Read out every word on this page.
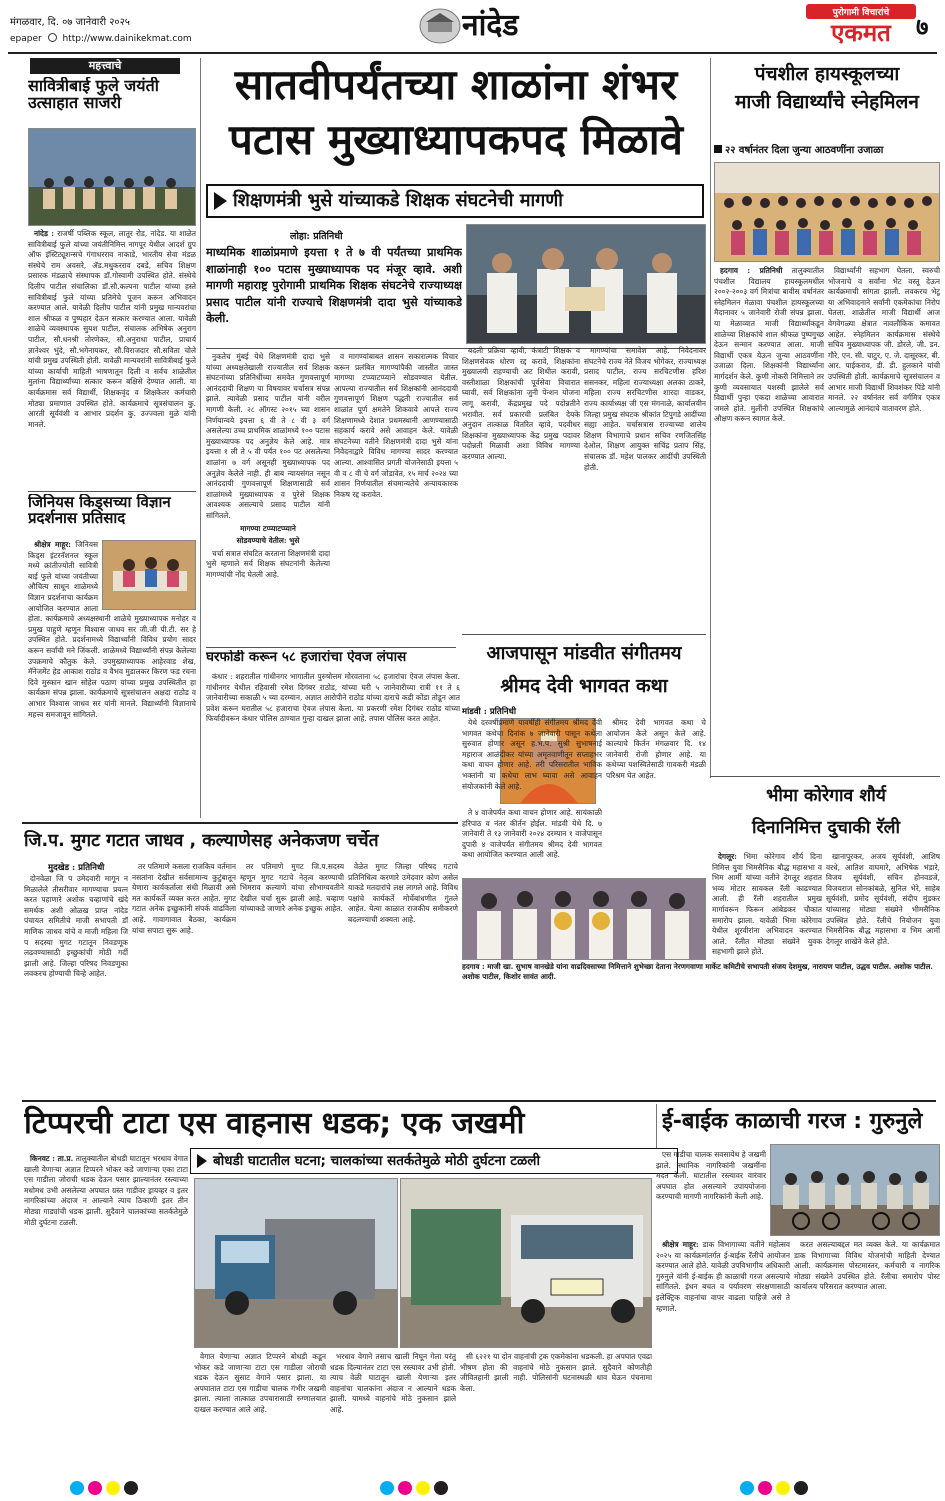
मंगळवार, दि. ०७ जानेवारी २०२५
epaper http://www.dainikekmat.com	नांदेड	पुरोगामी विचारांचे
एकमत	७
महत्त्वाचे
सावित्रीबाई फुले जयंती उत्साहात साजरी

नांदेड : राजर्षी पब्लिक स्कूल, लातूर रोड, नांदेड. या शाळेत सावित्रीबाई फुले यांच्या जयंतीनिमित्त नागपूर येथील आदर्श ग्रुप ऑफ इंस्टिट्यूशन्सचे गंगाधरराव नाकाडे, भारतीय सेवा मंडळ संस्थेचे राम अवसरे, ॲड.मधुकरराव दबडे, सचिव शिक्षण प्रसारक मंडळाचे संस्थापक डॉ.गोस्वामी उपस्थित होते. संस्थेचे दिलीप पाटील संचालिका डॉ.सौ.कल्पना पाटील यांच्या हस्ते सावित्रीबाई फुले यांच्या प्रतिमेचे पूजन करून अभिवादन करण्यात आले. यावेळी दिलीप पाटील यांनी प्रमुख मान्यवरांचा शाल श्रीफळ व पुष्पहार देऊन सत्कार करण्यात आला. यावेळी शाळेचे व्यवस्थापक सुयश पाटील, संचालक अभिषेक अनुराग पाटील, सौ.धनश्री तोरणेकर, सौ.अनुराधा पाटील, प्राचार्य ज्ञानेश्वर भुंदे, सौ.भगेनायकर, सौ.विराजदार सौ.सविता चोले यांची प्रमुख उपस्थिती होती. यावेळी मान्यवरांनी सावित्रीबाई फुले यांच्या कार्याची माहिती भाषणातून दिली व सर्वच शाळेतील मुलांना विद्यार्थ्यांच्या सत्कार करून बक्षिसे देण्यात आली. या कार्यक्रमास सर्व विद्यार्थी, शिक्षकवृंद व शिक्षकेतर कर्मचारी मोठ्या प्रमाणात उपस्थित होते. कार्यक्रमाचे सूत्रसंचालन कु. आरती सूर्यवंशी व आभार प्रदर्शन कु. उज्ज्वला मुळे यांनी मानले.

जिनियस किड्सच्या विज्ञान प्रदर्शनास प्रतिसाद

श्रीक्षेत्र माहूर: जिनियस किड्स इंटरनॅशनल स्कूल मध्ये क्रांतीज्योती सावित्री बाई फुले यांच्या जयंतीच्या औचित्य साधून शाळेमध्ये विज्ञान प्रदर्शनाचा कार्यक्रम आयोजित करण्यात आला होता. कार्यक्रमाचे अध्यक्षस्थानी शाळेचे मुख्याध्यापक मनोहर व प्रमुख पाहुणे म्हणून विश्वास जाधव सर जी.जी पी.टी. सर हे उपस्थित होते. प्रदर्शनामध्ये विद्यार्थ्यांनी विविध प्रयोग सादर करून सर्वांची मने जिंकली. शाळेमध्ये विद्यार्थ्यांनी संपन्न केलेल्या उपक्रमाचे कौतुक केले. उपमुख्याध्यापक आहेरवाड शेख, मॅनेजमेंट हेड आकाश राठोड व वैभव मुडालकर किरण फड रचना दिवे मुस्कान खान सोहेल पठाण यांच्या प्रमुख उपस्थितीत हा कार्यक्रम संपन्न झाला. कार्यक्रमाचे सूत्रसंचालन अक्षदा राठोड व आभार विश्वास जाधव सर यांनी मानले. विद्यार्थ्यांनी विज्ञानाचे महत्त्व समजावून सांगितले.

सातवीपर्यंतच्या शाळांना शंभर
पटास मुख्याध्यापकपद मिळावे
शिक्षणमंत्री भुसे यांच्याकडे शिक्षक संघटनेची मागणी
लोहा: प्रतिनिधी
माध्यमिक शाळांप्रमाणे इयत्ता १ ते ७ वी पर्यंतच्या प्राथमिक शाळांनाही १०० पटास मुख्याध्यापक पद मंजूर व्हावे. अशी मागणी महाराष्ट्र पुरोगामी प्राथमिक शिक्षक संघटनेचे राज्याध्यक्ष प्रसाद पाटील यांनी राज्याचे शिक्षणमंत्री दादा भुसे यांच्याकडे केली.

नुकतेच मुंबई येथे शिक्षणमंत्री दादा भुसे यांच्या अध्यक्षतेखाली राज्यातील सर्व शिक्षक संघटनांच्या प्रतिनिधींच्या समवेत गुणवत्तापूर्ण आनंददायी शिक्षण या विषयावर चर्चासत्र संपन्न झाले. त्यावेळी प्रसाद पाटील यांनी वरील मागणी केली. २८ ऑगस्ट २०१५ च्या शासन निर्णयान्वये इयत्ता ६ वी ते ८ वी ३ वर्ग असलेल्या उच्च प्राथमिक शाळांमध्ये १०० पटास मुख्याध्यापक पद अनुज्ञेय केले आहे. मात्र इयत्ता १ ली ते ५ वी पर्यंत १०० पट असलेल्या शाळांना ७ वर्ग असूनही मुख्याध्यापक पद अनुज्ञेय केलेले नाही. ही बाब न्यायसंगत नसून आनंददायी गुणवत्तापूर्ण शिक्षणासाठी सर्व शाळांमध्ये मुख्याध्यापक व पुरेसे शिक्षक आवश्यक असल्याचे प्रसाद पाटील यांनी सांगितले.

मागण्या टप्प्याटप्प्याने

सोडवण्याचे वेतील: भुसे

चर्चा सत्रात संघटित करताना शिक्षणमंत्री दादा भुसे म्हणाले सर्व शिक्षक संघटनांनी केलेल्या मागण्यांची नोंद घेतली आहे.

व मागण्यांबाबत शासन सकारात्मक विचार करून प्रलंबित मागण्यांपैकी जास्तीत जास्त मागण्या टप्प्याटप्प्याने सोडवण्यात येतील. आपल्या राज्यातील सर्व शिक्षकांनी आनंददायी गुणवत्तापूर्ण शिक्षण पद्धती राज्यातील सर्व शाळांत पूर्ण क्षमतेने शिकवावे आपले राज्य शिक्षणामध्ये देशात प्रथमस्थानी आणण्यासाठी सहकार्य करावे असे आवाहन केले. यावेळी संघटनेच्या वतीने शिक्षणमंत्री दादा भुसे यांना निवेदनाद्वारे विविध मागण्या सादर करण्यात आल्या. आश्वासित प्रगती योजनेसाठी इयत्ता ५ वी व ८ वी चे वर्ग जोडावेत, १५ मार्च २०२४ च्या शासन निर्णयातील संचमान्यतेचे अन्यायकारक निकष रद्द करावेत.

बदली प्रक्रिया व्हावी, कंत्राटी शिक्षक व शिक्षणसेवक धोरण रद्द करावे, शिक्षकांना मुख्यालयी राहण्याची अट शिथील करावी, वस्तीशाळा शिक्षकांची पूर्वसेवा विचारात घ्यावी, सर्व शिक्षकांना जुनी पेन्शन योजना लागू करावी, केंद्रप्रमुख पदे पदोन्नतीने भरावीत. सर्व प्रकारची प्रलंबित देयके अनुदान तात्काळ वितरित व्हावे, पदवीधर शिक्षकांना मुख्याध्यापक केंद्र प्रमुख पदावर पदोन्नती मिळावी अशा विविध मागण्या करण्यात आल्या.

मागण्यांचा समावेश आहे. निवेदनावर संघटनेचे राज्य नेते विजय भोगेकर, राज्याध्यक्ष प्रसाद पाटील, राज्य सरचिटणीस हरिश ससनकर, महिला राज्याध्यक्षा अलका ठाकरे, महिला राज्य सरचिटणीस शारदा वाडकर, राज्य कार्याध्यक्ष जी एस मंगनाळे, कार्यालयीन जिल्हा प्रमुख संघटक श्रीकांत टिपुगडे आदींच्या सह्या आहेत. चर्चासत्रास राज्याच्या शालेय शिक्षण विभागाचे प्रधान सचिव रणजितसिंह देओल, शिक्षण आयुक्त सचिंद्र प्रताप सिंह, संचालक डॉ. महेश पालकर आदींची उपस्थिती होती.

घरफोडी करून ५८ हजारांचा ऐवज लंपास

कंधार : शहरातील गांधीनगर भागातील पुरुषोत्तम मोरवताना ५८ हजारांचा ऐवज लंपास केला. गांधीनगर येथील रहिवासी रमेश दिगंबर राठोड, यांच्या घरी ५ जानेवारीच्या रात्री ११ ते ६ जानेवारीच्या सकाळी ५ च्या दरम्यान, अज्ञात आरोपीने राठोड यांच्या दाराचे कडी कोंडा तोडून आत प्रवेश करून घरातील ५८ हजाराचा ऐवज लंपास केला. या प्रकरणी रमेश दिगंबर राठोड यांच्या फिर्यादीवरून कंधार पोलिस ठाण्यात गुन्हा दाखल झाला आहे. तपास पोलिस करत आहेत.

पंचशील हायस्कूलच्या
माजी विद्यार्थ्यांचे स्नेहमिलन
२२ वर्षानंतर दिला जुन्या आठवणींना उजाळा

हदगाव : प्रतिनिधी तालुक्यातील पंचशील विद्यालय हायस्कूलमधील २००२-२००३ वर्ग मित्रांचा बावीस वर्षानंतर स्नेहमिलन मेळावा पंचशील हायस्कूलच्या मैदानावर ५ जानेवारी रोजी संपन्न झाला. या मेळाव्यात माजी विद्यार्थ्यांकडून शाळेच्या शिक्षकांचे शाल श्रीफळ पुष्पगुच्छ देऊन सन्मान करण्यात आला. माजी विद्यार्थी एकत्र येऊन जुन्या आठवणींना उजाळा दिला. शिक्षकांनी विद्यार्थ्यांना मार्गदर्शन केले. कुणी नोकरी निमित्ताने तर कुणी व्यवसायात यशस्वी झालेले सर्व विद्यार्थी पुन्हा एकदा शाळेच्या आवारात जमले होते. मुलींनी उपस्थित शिक्षकांचे औक्षण करून स्वागत केले.

विद्यार्थ्यांनी सहभाग घेतला. स्वरुची भोजनाचे व सर्वांना भेट वस्तू देऊन कार्यक्रमाची सांगता झाली. लवकरच भेटू या अभिवादनाने सर्वांनी एकमेकांचा निरोप घेतला. शाळेतील माजी विद्यार्थी आज वेगवेगळ्या क्षेत्रात नावलौकिक कमावत आहेत. स्नेहमिलन कार्यक्रमास संस्थेचे सचिव मुख्याध्यापक जी. डोरले, जी. डन. गौरे, एन. सी. चाटुर, ए. जे. दासूरकर, बी. आर. पाईकराव, डी. डी. हुलकाने यांची उपस्थिती होती. कार्यक्रमाचे सूत्रसंचालन व आभार माजी विद्यार्थी शिवशंकर पिंडे यांनी मानले. २२ वर्षानंतर सर्व वर्गमित्र एकत्र आल्यामुळे आनंदाचे वातावरण होते.

आजपासून मांडवीत संगीतमय
श्रीमद देवी भागवत कथा
मांडवी : प्रतिनिधी

येथे दरवर्षीप्रमाणे यावर्षीही संगीतमय श्रीमद देवी भागवत कथेचा दिनांक ७ जानेवारी पासून कथेला सुरुवात होणार असून ह.भ.प. सुश्री सुभाषनाई महाराज आळंदीकर यांच्या अमृतवाणीतून सप्ताहभर कथा वाचन होणार आहे. तरी परिसरातील भाविक भक्तांनी या कथेचा लाभ घ्यावा असे आवाहन संयोजकांनी केले आहे.

ते ४ वाजेपर्यंत कथा वाचन होणार आहे. सायंकाळी हरिपाठ व नंतर कीर्तन होईल. मांडवी येथे दि. ७ जानेवारी ते १३ जानेवारी २०२४ दरम्यान १ वाजेपासून दुपारी ४ वाजेपर्यंत संगीतमय श्रीमद देवी भागवत कथा आयोजित करण्यात आली आहे.

श्रीमद देवी भागवत कथा चे आयोजन केले असून केले आहे. काल्याचे किर्तन मंगळवार दि. १४ जानेवारी रोजी होणार आहे. या कथेच्या यशस्वितेसाठी गावकरी मंडळी परिश्रम घेत आहेत.

हदगाव : माजी खा. सुभाष वानखेडे यांना वाढदिवसाच्या निमित्ताने शुभेच्छा देताना नेरणगवाणा मार्केट कमिटीचे सभापती संजय देशमुख, नारायण पाटील, उद्धव पाटील. अशोक पाटील. अशोक पाटील, किशोर सावंत आदी.
भीमा कोरेगाव शौर्य
दिनानिमित्त दुचाकी रॅली

देगलूर: भिमा कोरेगाव शौर्य दिना निमित्त युवा भिमसैनिक बौद्ध महासभा व भिम आर्मी यांच्या वतीने देगलूर शहरात भव्य मोटार सायकल रॅली काढण्यात आली. ही रॅली शहरातील प्रमुख मार्गावरून फिरून आंबेडकर चौकात समारोप झाला. यावेळी भिमा कोरेगाव येथील शूरवीरांना अभिवादन करण्यात आले. रॅलीत मोठ्या संख्येने युवक सहभागी झाले होते.

खानापूरकर, अजय सूर्यवंशी, आशिष वरधे, आतिश वाघमारे, अभिषेक भंडारे, विजय सूर्यवंशी, सचिन होनवडजे, विजयराज सोनकांबळे, सुनिल भेरे, साहेब सूर्यवंशी, प्रमोद सूर्यवंशी, संदीप मुंडकर यांच्यासह मोठ्या संख्येने भीमसैनिक उपस्थित होते. रॅलीचे नियोजन युवा भिमसैनिक बौद्ध महासभा व भिम आर्मी देगलूर शाखेने केले होते.

जि.प. मुगट गटात जाधव , कल्याणेसह अनेकजण चर्चेत
मुदखेड : प्रतिनिधी

दोनवेळा जि प उमेदवारी मागून न मिळालेले तीसरीवार मागण्याचा प्रयत्न करत पहाणारे अशोक चव्हाणांचे खंदे समर्थक अशी ओळख प्राप्त नांदेड पंचायत समितीचे माजी सभापती डॉ माणिक जाधव यांचे व माजी महिला जि प सदस्या मुगट गटातून निवडणूक लढवण्यासाठी इच्छुकांची मोठी गर्दी झाली आहे. जिल्हा परिषद निवडणुका लवकरच होण्याची चिन्हे आहेत.

तर पतिमाणे कसला राजकिय वर्तमान नसतांना देखील सर्वसामान्य कुटुंबातून येणारा कार्यकर्ताला संधी मिळावी असे मत कार्यकर्ते व्यक्त करत आहेत. मुगट गटात अनेक इच्छुकांनी संपर्क वाढविला आहे. गावागावात बैठका, कार्यक्रम यांचा सपाटा सुरू आहे.

तर पतिमाणे मुगट जि.प.सदस्य म्हणून मुगट गटाचे नेतृत्व करण्याची भिमराव कल्याणे यांचा सौभाग्यवतीने देखील चर्चा सुरू झाली आहे. चव्हाण यांच्याकडे जाणारे अनेक इच्छुक आहेत.

वेळेत मुगट जिल्हा परिषद गटाचे प्रतिनिधित्व करणारे उमेदवार कोण असेल याकडे मतदारांचे लक्ष लागले आहे. विविध पक्षांचे कार्यकर्ते मोर्चेबांधणीत गुंतले आहेत. येत्या काळात राजकीय समीकरणे बदलण्याची शक्यता आहे.

टिप्परची टाटा एस वाहनास धडक; एक जखमी
बोधडी घाटातील घटना; चालकांच्या सतर्कतेमुळे मोठी दुर्घटना टळली

किनवट : ता.प्र. तालुक्यातील बोधडी घाटातून भरधाव वेगात खाली येणाऱ्या अज्ञात टिप्परने भोकर कडे जाणाऱ्या एका टाटा एस गाडीला जोराची धडक देऊन पसार झाल्यानंतर रस्त्याच्या मधोमध उभी असलेल्या अपघात ग्रस्त गाडीवर ड्रायव्हर व इतर नागरिकांच्या अंदाज न आल्याने त्याच ठिकाणी इतर तीन मोठ्या गाड्यांची धडक झाली. सुदैवाने चालकांच्या सतर्कतेमुळे मोठी दुर्घटना टळली.

एस गाडीचा चालक सवसायेथ हे जखमी झाले. स्थानिक नागरिकांनी जखमींना मदत केली. घाटातील रस्त्यावर वारंवार अपघात होत असल्याने उपाययोजना करण्याची मागणी नागरिकांनी केली आहे.

वेगात येणाऱ्या अज्ञात टिप्परने बोधडी कडून भोकर कडे जाणाऱ्या टाटा एस गाडीला जोराची धडक देऊन सुसाट वेगाने पसार झाला. या अपघातात टाटा एस गाडीचा चालक गंभीर जखमी झाला. त्याला तात्काळ उपचारासाठी रुग्णालयात दाखल करण्यात आले आहे.

भरधाव वेगाने तसाच खाली निघून गेला परंतु धडक दिल्यानंतर टाटा एस रस्त्यावर उभी होती. त्याच वेळी घाटातून खाली येणाऱ्या इतर वाहनांचा चालकांना अंदाज न आल्याने धडक झाली. यामध्ये वाहनांचे मोठे नुकसान झाले आहे.

सी ६२२१ या दोन वाहनांची ट्रक एकमेकांना धडकली. हा अपघात एवढा भीषण होता की वाहनांचे मोठे नुकसान झाले. सुदैवाने कोणतीही जीवितहानी झाली नाही. पोलिसांनी घटनास्थळी धाव घेऊन पंचनामा केला.

ई-बाईक काळाची गरज : गुरुनुले

श्रीक्षेत्र माहूर: डाक विभागाच्या वतीने महोत्सव २०२५ या कार्यक्रमांतर्गत ई-बाईक रॅलीचे आयोजन करण्यात आले होते. यावेळी उपविभागीय अधिकारी गुरुनुले यांनी ई-बाईक ही काळाची गरज असल्याचे सांगितले. इंधन बचत व पर्यावरण संरक्षणासाठी इलेक्ट्रिक वाहनांचा वापर वाढला पाहिजे असे ते म्हणाले.

करत असल्याबद्दल मत व्यक्त केले. या कार्यक्रमात डाक विभागाच्या विविध योजनांची माहिती देण्यात आली. कार्यक्रमास पोस्टमास्तर, कर्मचारी व नागरिक मोठ्या संख्येने उपस्थित होते. रॅलीचा समारोप पोस्ट कार्यालय परिसरात करण्यात आला.
